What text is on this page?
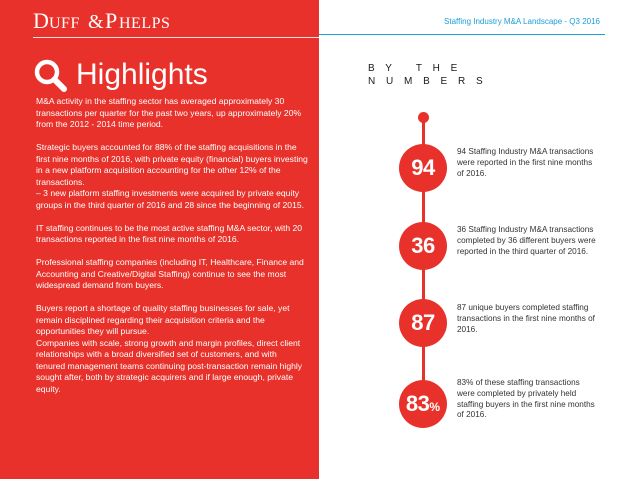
D UFF & P HELPS
Highlights

M&A activity in the staffing sector has averaged approximately 30 transactions per quarter for the past two years, up approximately 20% from the 2012 - 2014 time period.

Strategic buyers accounted for 88% of the staffing acquisitions in the first nine months of 2016, with private equity (financial) buyers investing in a new platform acquisition accounting for the other 12% of the transactions.
– 3 new platform staffing investments were acquired by private equity groups in the third quarter of 2016 and 28 since the beginning of 2015.

IT staffing continues to be the most active staffing M&A sector, with 20 transactions reported in the first nine months of 2016.

Professional staffing companies (including IT, Healthcare, Finance and Accounting and Creative/Digital Staffing) continue to see the most widespread demand from buyers.

Buyers report a shortage of quality staffing businesses for sale, yet remain disciplined regarding their acquisition criteria and the opportunities they will pursue.
Companies with scale, strong growth and margin profiles, direct client relationships with a broad diversified set of customers, and with tenured management teams continuing post-transaction remain highly sought after, both by strategic acquirers and if large enough, private equity.

Staffing Industry M&A Landscape - Q3 2016
B Y   T H E
N U M B E R S
94
94 Staffing Industry M&A transactions were reported in the first nine months of 2016.
36
36 Staffing Industry M&A transactions completed by 36 different buyers were reported in the third quarter of 2016.
87
87 unique buyers completed staffing transactions in the first nine months of 2016.
83 %
83% of these staffing transactions were completed by privately held staffing buyers in the first nine months of 2016.
